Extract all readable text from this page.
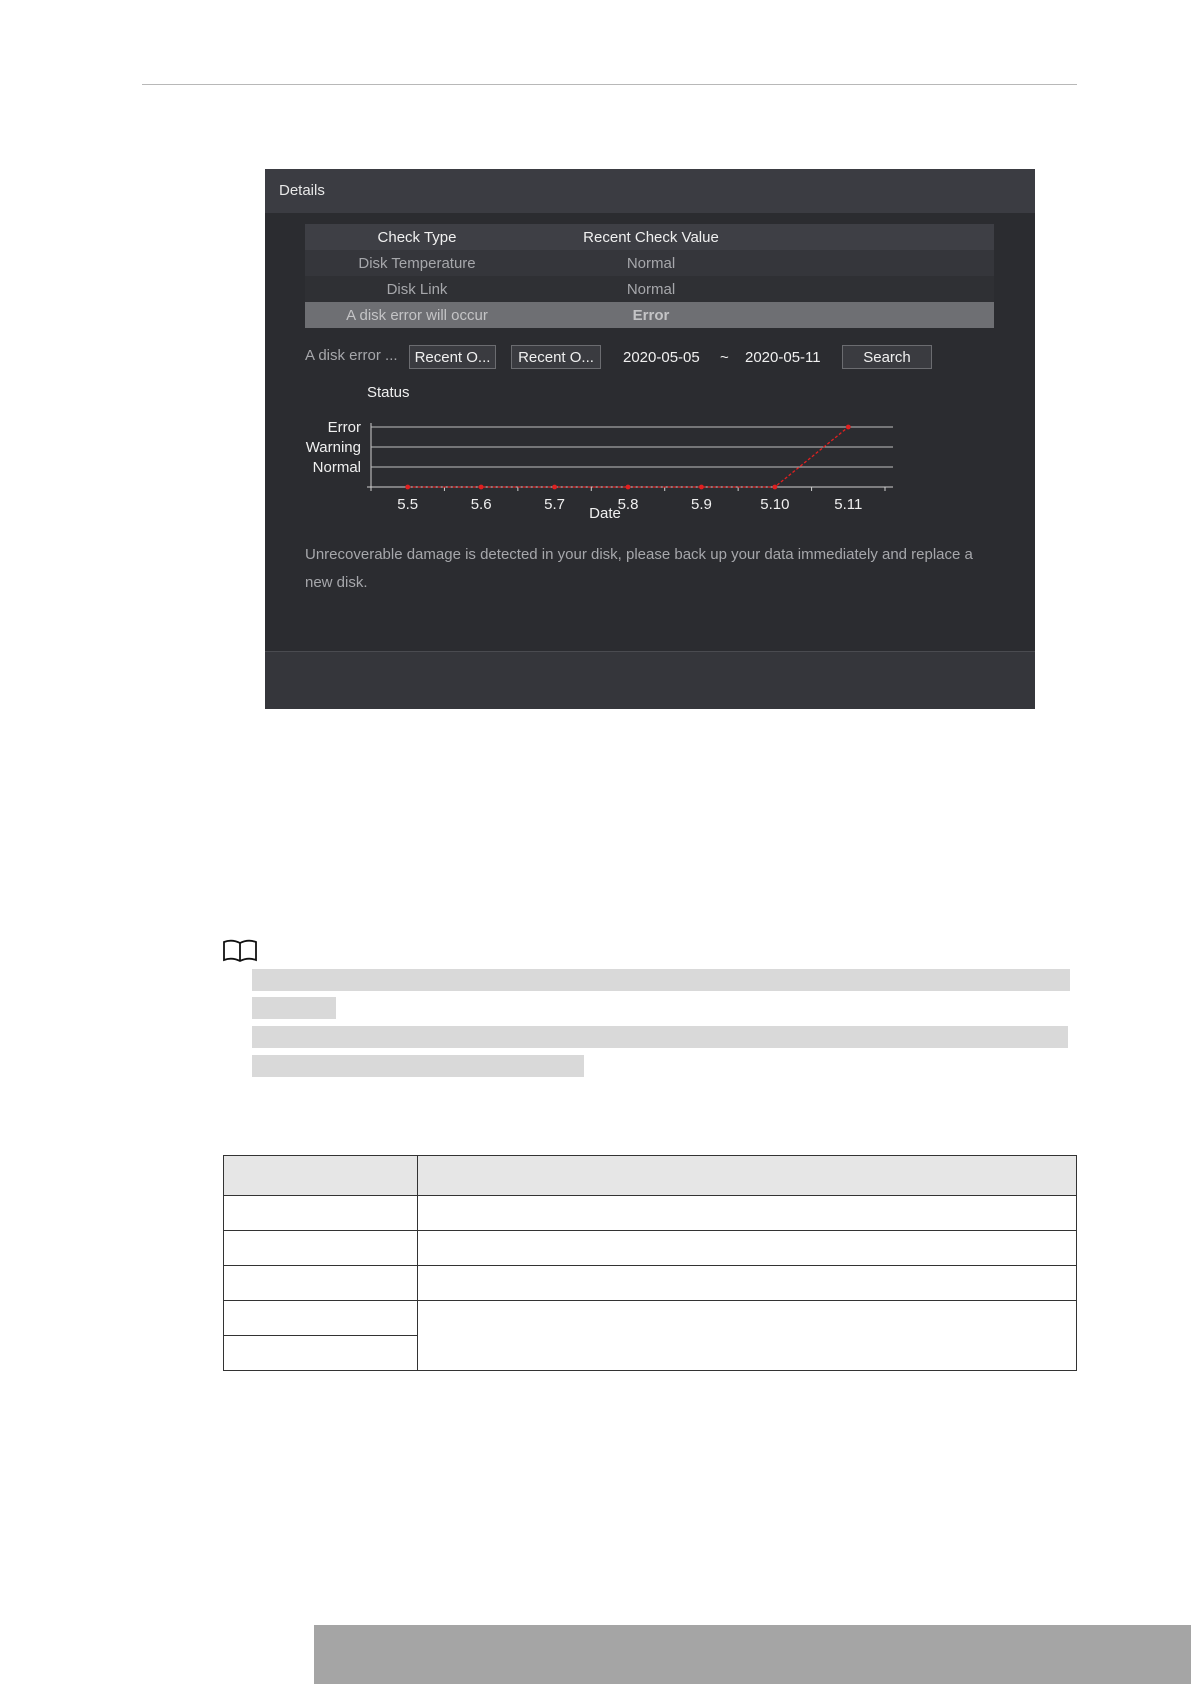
Details
Check Type	Recent Check Value	
Disk Temperature	Normal	
Disk Link	Normal	
A disk error will occur	Error	
A disk error ...	Recent O...	Recent O...	2020-05-05 ~ 2020-05-11	Search
Status
Normal
Warning
Error
5.5	5.6	5.7	5.8	5.9	5.10	5.11
Date
Unrecoverable damage is detected in your disk, please back up your data immediately and replace a new disk.
